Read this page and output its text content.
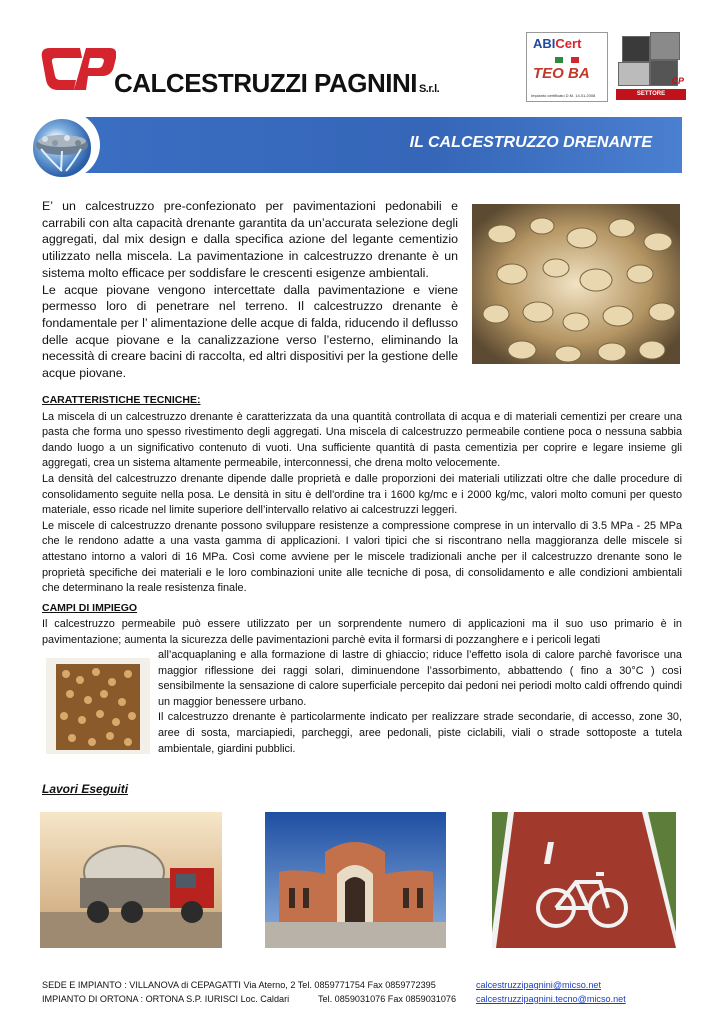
CALCESTRUZZI PAGNINI S.r.l.
ABICert
TEO BA
Impianto certificato D.M. 14.01.2008
CP
SETTORE TECNOLOGICO
IL CALCESTRUZZO DRENANTE

E’ un calcestruzzo pre-confezionato per pavimentazioni pedonabili e carrabili con alta capacità drenante garantita da un’accurata selezione degli aggregati, dal mix design e dalla specifica azione del legante cementizio utilizzato nella miscela. La pavimentazione in calcestruzzo drenante è un sistema molto efficace per soddisfare le crescenti esigenze ambientali.

Le acque piovane vengono intercettate dalla pavimentazione e viene permesso loro di penetrare nel terreno. Il calcestruzzo drenante è fondamentale per l’ alimentazione delle acque di falda, riducendo il deflusso delle acque piovane e la canalizzazione verso l’esterno, eliminando la necessità di creare bacini di raccolta, ed altri dispositivi per la gestione delle acque piovane.

CARATTERISTICHE TECNICHE:

La miscela di un calcestruzzo drenante è caratterizzata da una quantità controllata di acqua e di materiali cementizi per creare una pasta che forma uno spesso rivestimento degli aggregati. Una miscela di calcestruzzo permeabile contiene poca o nessuna sabbia dando luogo a un significativo contenuto di vuoti. Una sufficiente quantità di pasta cementizia per coprire e legare insieme gli aggregati, crea un sistema altamente permeabile, interconnessi, che drena molto velocemente.

La densità del calcestruzzo drenante dipende dalle proprietà e dalle proporzioni dei materiali utilizzati oltre che dalle procedure di consolidamento seguite nella posa. Le densità in situ è dell'ordine tra i 1600 kg/mc e i 2000 kg/mc, valori molto comuni per questo materiale, esso ricade nel limite superiore dell’intervallo relativo ai calcestruzzi leggeri.

Le miscele di calcestruzzo drenante possono sviluppare resistenze a compressione comprese in un intervallo di 3.5 MPa - 25 MPa che le rendono adatte a una vasta gamma di applicazioni. I valori tipici che si riscontrano nella maggioranza delle miscele si attestano intorno a valori di 16 MPa. Così come avviene per le miscele tradizionali anche per il calcestruzzo drenante sono le proprietà specifiche dei materiali e le loro combinazioni unite alle tecniche di posa, di consolidamento e alle condizioni ambientali che determinano la reale resistenza finale.

CAMPI DI IMPIEGO

Il calcestruzzo permeabile può essere utilizzato per un sorprendente numero di applicazioni ma il suo uso primario è in pavimentazione; aumenta la sicurezza delle pavimentazioni parchè evita il formarsi di pozzanghere e i pericoli legati

all’acquaplaning e alla formazione di lastre di ghiaccio; riduce l’effetto isola di calore parchè favorisce una maggior riflessione dei raggi solari, diminuendone l’assorbimento, abbattendo ( fino a 30°C ) così sensibilmente la sensazione di calore superficiale percepito dai pedoni nei periodi molto caldi offrendo quindi un maggior benessere urbano.

Il calcestruzzo drenante è particolarmente indicato per realizzare strade secondarie, di accesso, zone 30, aree di sosta, marciapiedi, parcheggi, aree pedonali, piste ciclabili, viali o strade sottoposte a tutela ambientale, giardini pubblici.

Lavori Eseguiti
SEDE E IMPIANTO : VILLANOVA di CEPAGATTI Via Aterno, 2 Tel. 0859771754 Fax 0859772395	calcestruzzipagnini@micso.net
IMPIANTO DI ORTONA : ORTONA S.P. IURISCI Loc. Caldari	Tel. 0859031076 Fax 0859031076 calcestruzzipagnini.tecno@micso.net
